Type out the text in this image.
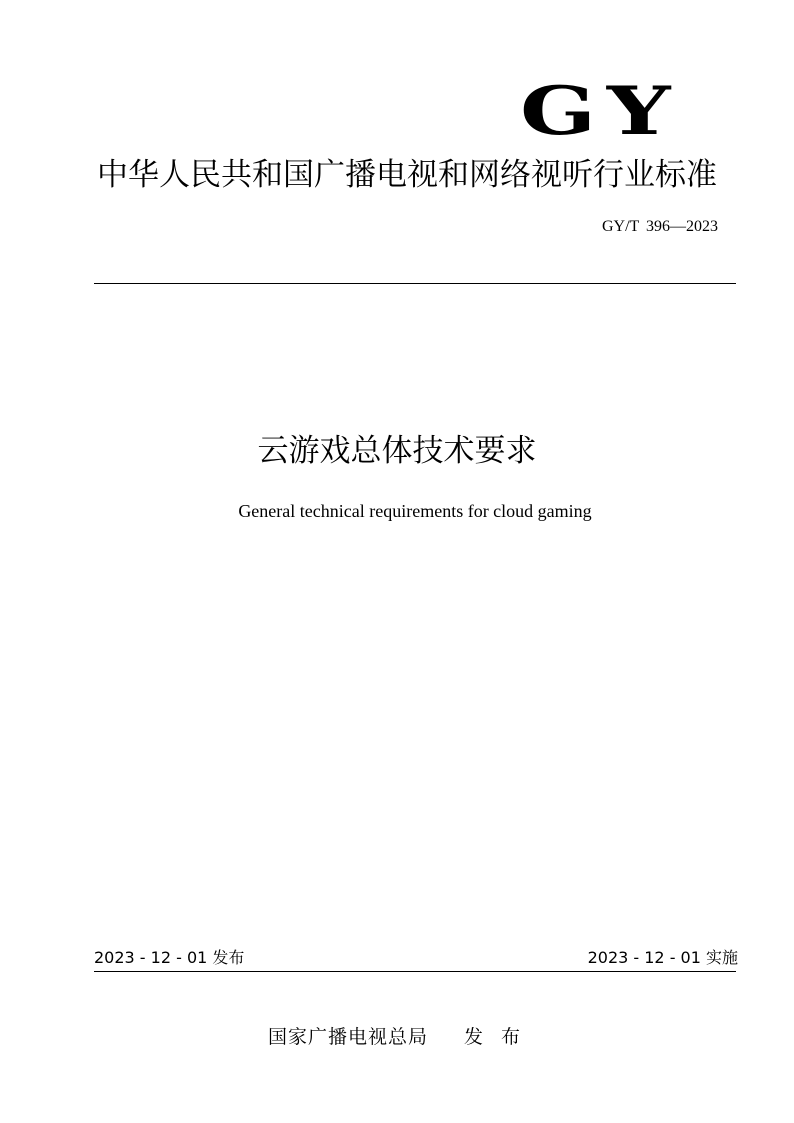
GY
中华人民共和国广播电视和网络视听行业标准
GY/T 396—2023
云游戏总体技术要求
General technical requirements for cloud gaming
2023 - 12 - 01 发布	2023 - 12 - 01 实施
国家广播电视总局 发 布
